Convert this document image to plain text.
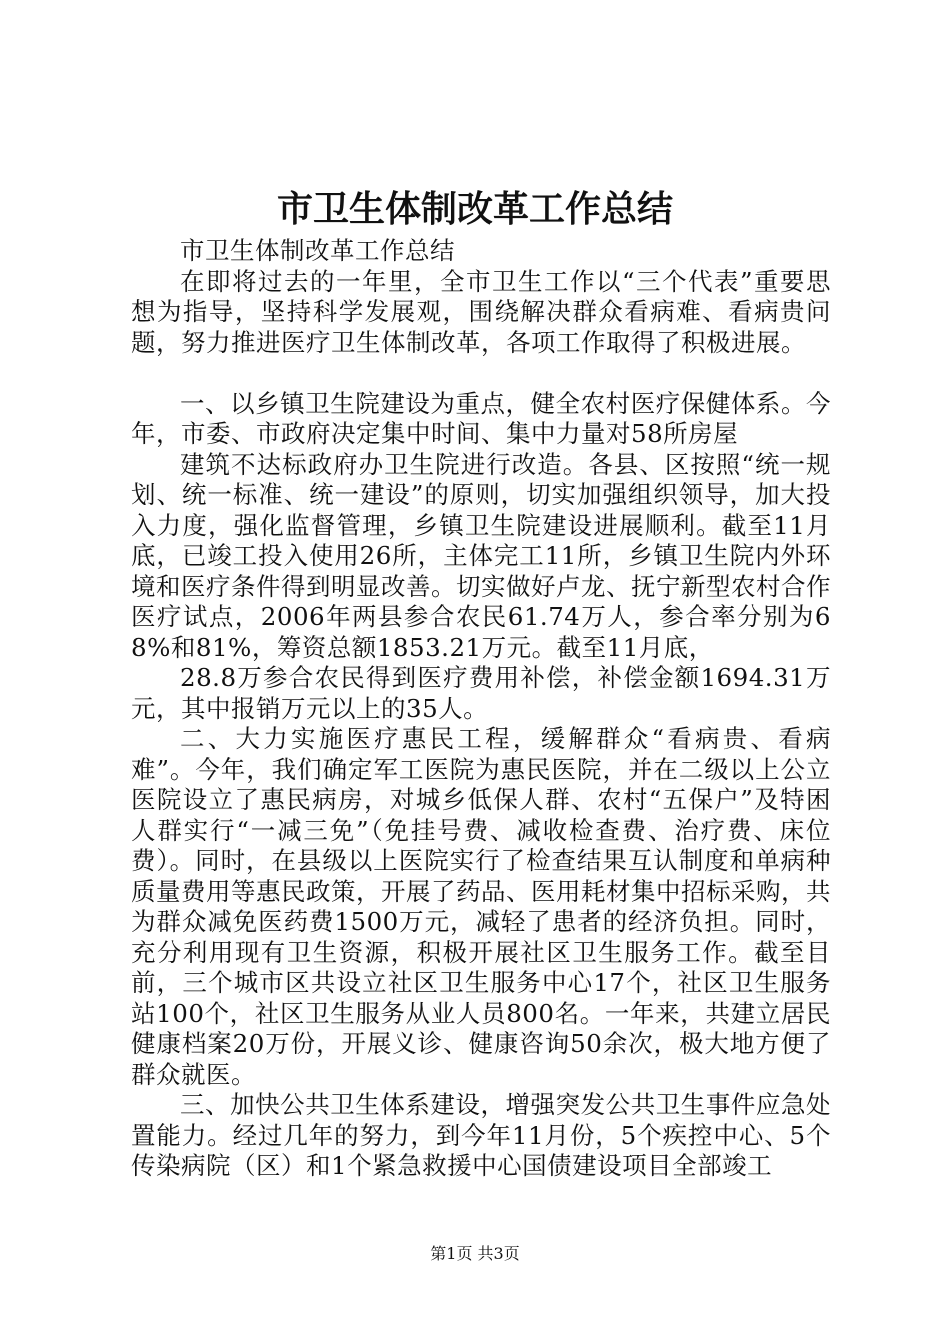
市卫生体制改革工作总结

市卫生体制改革工作总结

在即将过去的一年里，全市卫生工作以“三个代表”重要思想为指导，坚持科学发展观，围绕解决群众看病难、看病贵问题，努力推进医疗卫生体制改革，各项工作取得了积极进展。

一、以乡镇卫生院建设为重点，健全农村医疗保健体系。今年，市委、市政府决定集中时间、集中力量对58所房屋

建筑不达标政府办卫生院进行改造。各县、区按照“统一规划、统一标准、统一建设”的原则，切实加强组织领导，加大投入力度，强化监督管理，乡镇卫生院建设进展顺利。截至11月底，已竣工投入使用26所，主体完工11所，乡镇卫生院内外环境和医疗条件得到明显改善。切实做好卢龙、抚宁新型农村合作医疗试点，2006年两县参合农民61.74万人，参合率分别为68%和81%，筹资总额1853.21万元。截至11月底，

28.8万参合农民得到医疗费用补偿，补偿金额1694.31万元，其中报销万元以上的35人。

二、大力实施医疗惠民工程，缓解群众“看病贵、看病难”。今年，我们确定军工医院为惠民医院，并在二级以上公立医院设立了惠民病房，对城乡低保人群、农村“五保户”及特困人群实行“一减三免”（免挂号费、减收检查费、治疗费、床位费）。同时，在县级以上医院实行了检查结果互认制度和单病种质量费用等惠民政策，开展了药品、医用耗材集中招标采购，共为群众减免医药费1500万元，减轻了患者的经济负担。同时，充分利用现有卫生资源，积极开展社区卫生服务工作。截至目前，三个城市区共设立社区卫生服务中心17个，社区卫生服务站100个，社区卫生服务从业人员800名。一年来，共建立居民健康档案20万份，开展义诊、健康咨询50余次，极大地方便了群众就医。

三、加快公共卫生体系建设，增强突发公共卫生事件应急处置能力。经过几年的努力，到今年11月份，5个疾控中心、5个传染病院（区）和1个紧急救援中心国债建设项目全部竣工

第1页 共3页
